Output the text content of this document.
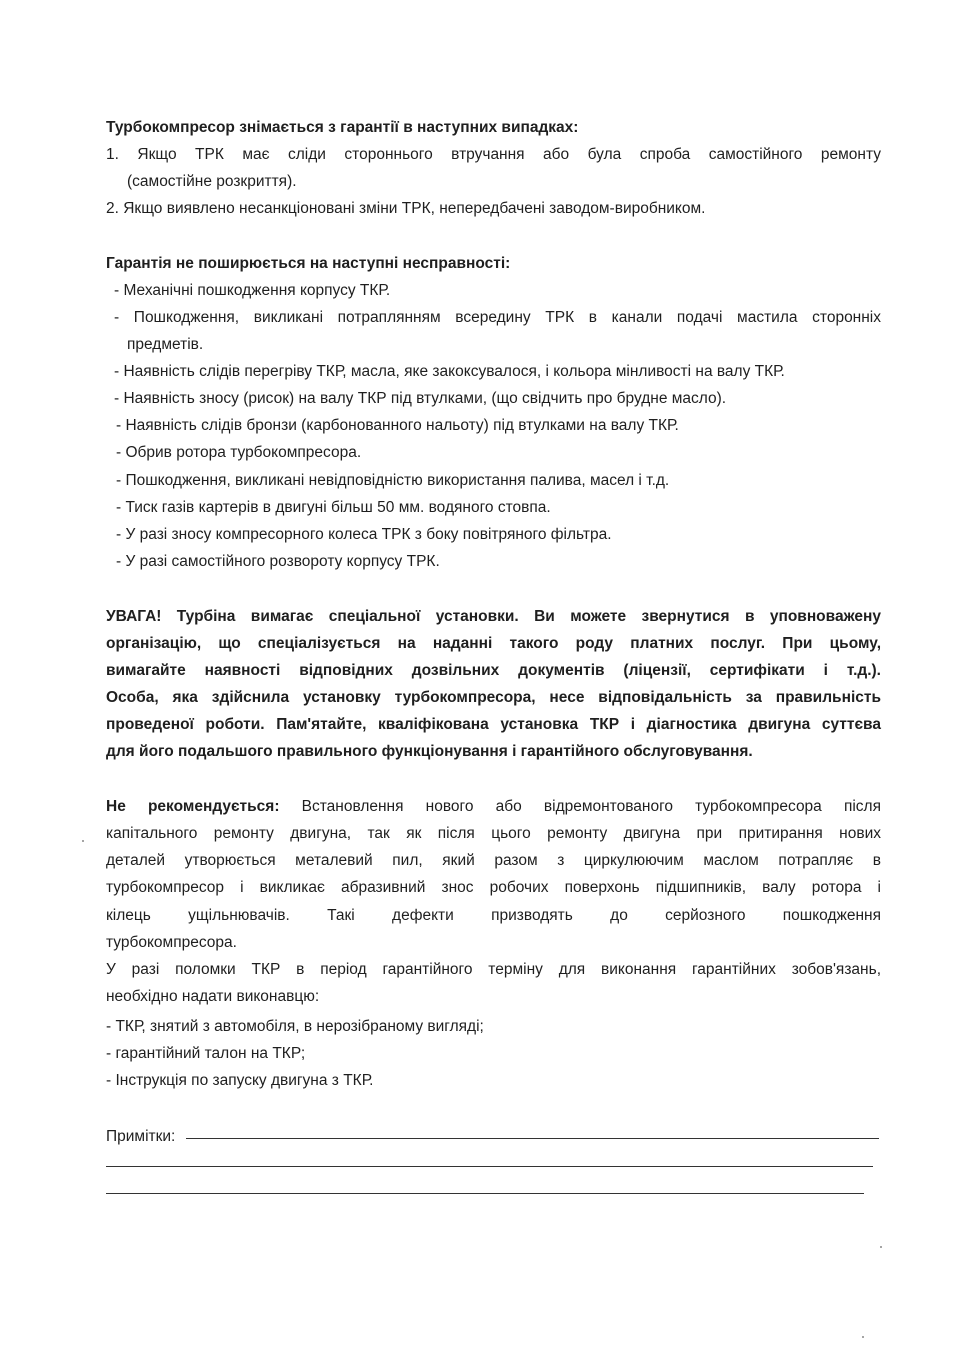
Турбокомпресор знімається з гарантії в наступних випадках:
1. Якщо ТРК має сліди стороннього втручання або була спроба самостійного ремонту
(самостійне розкриття).
2. Якщо виявлено несанкціоновані зміни ТРК, непередбачені заводом-виробником.
Гарантія не поширюється на наступні несправності:
- Механічні пошкодження корпусу ТКР.
- Пошкодження, викликані потраплянням всередину ТРК в канали подачі мастила сторонніх
предметів.
- Наявність слідів перегріву ТКР, масла, яке закоксувалося, і кольора мінливості на валу ТКР.
- Наявність зносу (рисок) на валу ТКР під втулками, (що свідчить про брудне масло).
- Наявність слідів бронзи (карбонованного нальоту) під втулками на валу ТКР.
- Обрив ротора турбокомпресора.
- Пошкодження, викликані невідповідністю використання палива, масел і т.д.
- Тиск газів картерів в двигуні більш 50 мм. водяного стовпа.
- У разі зносу компресорного колеса ТРК з боку повітряного фільтра.
- У разі самостійного розвороту корпусу ТРК.
УВАГА! Турбіна вимагає спеціальної установки. Ви можете звернутися в уповноважену
організацію, що спеціалізується на наданні такого роду платних послуг. При цьому,
вимагайте наявності відповідних дозвільних документів (ліцензії, сертифікати і т.д.).
Особа, яка здійснила установку турбокомпресора, несе відповідальність за правильність
проведеної роботи. Пам'ятайте, кваліфікована установка ТКР і діагностика двигуна суттєва
для його подальшого правильного функціонування і гарантійного обслуговування.
Не рекомендується: Встановлення нового або відремонтованого турбокомпресора після
капітального ремонту двигуна, так як після цього ремонту двигуна при притирання нових
деталей утворюється металевий пил, який разом з циркулюючим маслом потрапляє в
турбокомпресор і викликає абразивний знос робочих поверхонь підшипників, валу ротора і
кілець ущільнювачів. Такі дефекти призводять до серйозного пошкодження
турбокомпресора.
У разі поломки ТКР в період гарантійного терміну для виконання гарантійних зобов'язань,
необхідно надати виконавцю:
- ТКР, знятий з автомобіля, в нерозібраному вигляді;
- гарантійний талон на ТКР;
- Інструкція по запуску двигуна з ТКР.
Примітки:
